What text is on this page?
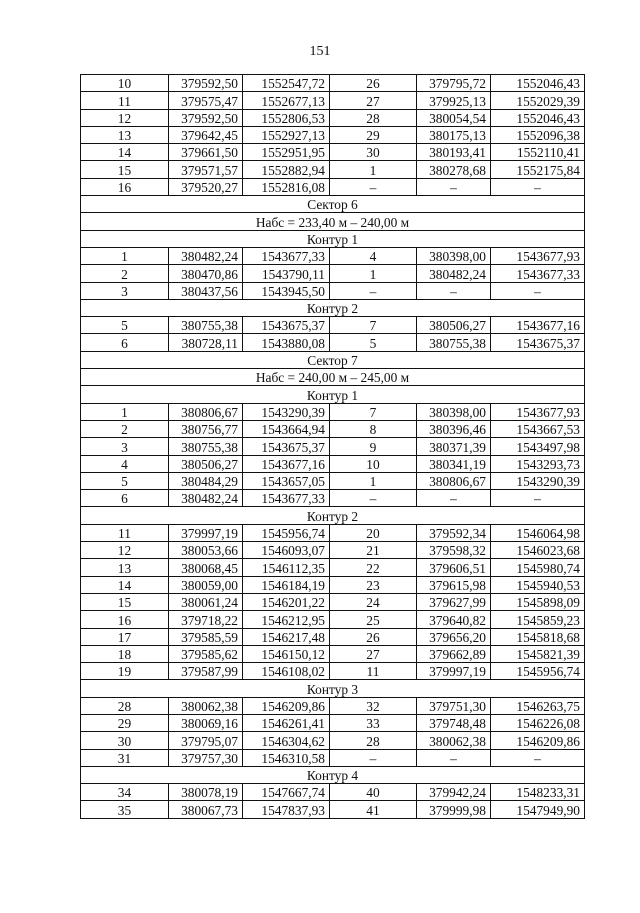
151
10	379592,50	1552547,72	26	379795,72	1552046,43
11	379575,47	1552677,13	27	379925,13	1552029,39
12	379592,50	1552806,53	28	380054,54	1552046,43
13	379642,45	1552927,13	29	380175,13	1552096,38
14	379661,50	1552951,95	30	380193,41	1552110,41
15	379571,57	1552882,94	1	380278,68	1552175,84
16	379520,27	1552816,08	–	–	–
Сектор 6					
Набс = 233,40 м – 240,00 м					
Контур 1					
1	380482,24	1543677,33	4	380398,00	1543677,93
2	380470,86	1543790,11	1	380482,24	1543677,33
3	380437,56	1543945,50	–	–	–
Контур 2					
5	380755,38	1543675,37	7	380506,27	1543677,16
6	380728,11	1543880,08	5	380755,38	1543675,37
Сектор 7					
Набс = 240,00 м – 245,00 м					
Контур 1					
1	380806,67	1543290,39	7	380398,00	1543677,93
2	380756,77	1543664,94	8	380396,46	1543667,53
3	380755,38	1543675,37	9	380371,39	1543497,98
4	380506,27	1543677,16	10	380341,19	1543293,73
5	380484,29	1543657,05	1	380806,67	1543290,39
6	380482,24	1543677,33	–	–	–
Контур 2					
11	379997,19	1545956,74	20	379592,34	1546064,98
12	380053,66	1546093,07	21	379598,32	1546023,68
13	380068,45	1546112,35	22	379606,51	1545980,74
14	380059,00	1546184,19	23	379615,98	1545940,53
15	380061,24	1546201,22	24	379627,99	1545898,09
16	379718,22	1546212,95	25	379640,82	1545859,23
17	379585,59	1546217,48	26	379656,20	1545818,68
18	379585,62	1546150,12	27	379662,89	1545821,39
19	379587,99	1546108,02	11	379997,19	1545956,74
Контур 3					
28	380062,38	1546209,86	32	379751,30	1546263,75
29	380069,16	1546261,41	33	379748,48	1546226,08
30	379795,07	1546304,62	28	380062,38	1546209,86
31	379757,30	1546310,58	–	–	–
Контур 4					
34	380078,19	1547667,74	40	379942,24	1548233,31
35	380067,73	1547837,93	41	379999,98	1547949,90
